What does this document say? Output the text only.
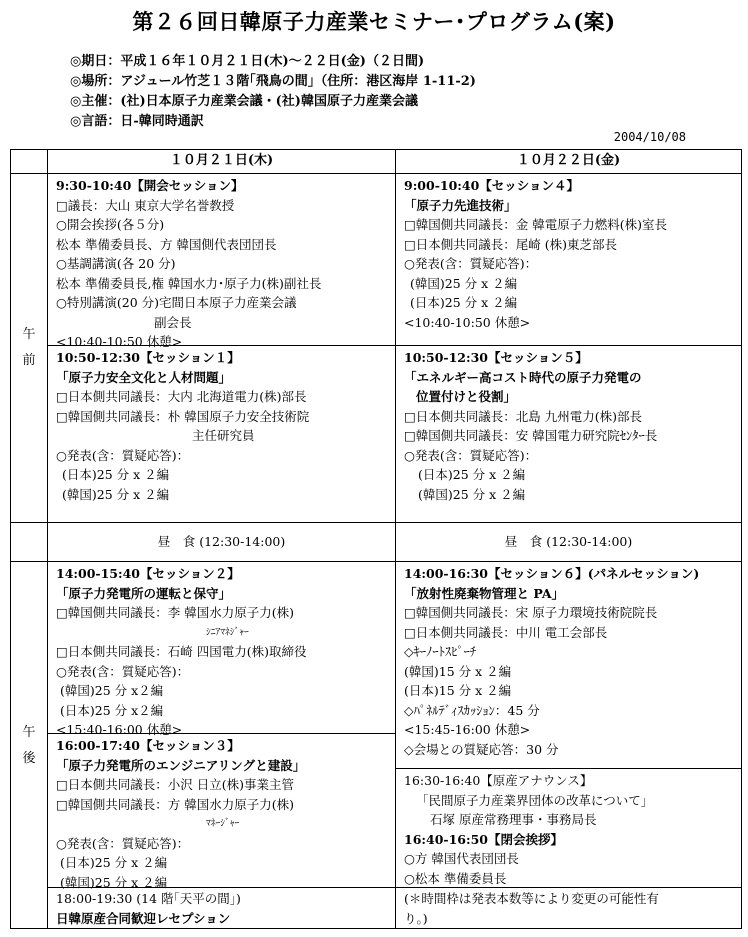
第２６回日韓原子力産業セミナー･プログラム(案)
◎期日：平成１６年１０月２１日(木)～２２日(金)（２日間)
◎場所：アジュール竹芝１３階｢飛鳥の間｣（住所：港区海岸 1-11-2)
◎主催：(社)日本原子力産業会議・(社)韓国原子力産業会議
◎言語：日-韓同時通訳
2004/10/08
１０月２１日(木)	１０月２２日(金)
午
前
9:30-10:40【開会セッション】
□議長：大山 東京大学名誉教授
○開会挨拶(各５分)
松本 準備委員長、方 韓国側代表団団長
○基調講演(各 20 分)
松本 準備委員長,権 韓国水力･原子力(株)副社長
○特別講演(20 分)宅間日本原子力産業会議
副会長
<10:40-10:50 休憩>
10:50-12:30【セッション１】
「原子力安全文化と人材問題」
□日本側共同議長：大内 北海道電力(株)部長
□韓国側共同議長：朴 韓国原子力安全技術院
主任研究員
○発表(含：質疑応答)：
(日本)25 分 x ２編
(韓国)25 分 x ２編
9:00-10:40【セッション４】
「原子力先進技術」
□韓国側共同議長：金 韓電原子力燃料(株)室長
□日本側共同議長：尾崎 (株)東芝部長
○発表(含：質疑応答)：
(韓国)25 分 x ２編
(日本)25 分 x ２編
<10:40-10:50 休憩>
10:50-12:30【セッション５】
「エネルギー高コスト時代の原子力発電の
位置付けと役割」
□日本側共同議長：北島 九州電力(株)部長
□韓国側共同議長：安 韓国電力研究院ｾﾝﾀｰ長
○発表(含：質疑応答)：
(日本)25 分 x ２編
(韓国)25 分 x ２編
昼　食 (12:30-14:00)	昼　食 (12:30-14:00)
午
後
14:00-15:40【セッション２】
「原子力発電所の運転と保守」
□韓国側共同議長：李 韓国水力原子力(株)
ｼﾆｱﾏﾈｼﾞｬｰ
□日本側共同議長：石崎 四国電力(株)取締役
○発表(含：質疑応答)：
(韓国)25 分 x２編
(日本)25 分 x２編
<15:40-16:00 休憩>
16:00-17:40【セッション３】
「原子力発電所のエンジニアリングと建設」
□日本側共同議長：小沢 日立(株)事業主管
□韓国側共同議長：方 韓国水力原子力(株)
ﾏﾈｰｼﾞｬｰ
○発表(含：質疑応答)：
(日本)25 分 x ２編
(韓国)25 分 x ２編
18:00-19:30 (14 階｢天平の間｣)
日韓原産合同歓迎レセプション
14:00-16:30【セッション６】(パネルセッション)
「放射性廃棄物管理と PA」
□韓国側共同議長：宋 原子力環境技術院院長
□日本側共同議長：中川 電工会部長
◇ｷｰﾉｰﾄｽﾋﾟｰﾁ
(韓国)15 分 x ２編
(日本)15 分 x ２編
◇ﾊﾟﾈﾙﾃﾞｨｽｶｯｼｮﾝ：45 分
<15:45-16:00 休憩>
◇会場との質疑応答：30 分
16:30-16:40【原産アナウンス】
「民間原子力産業界団体の改革について」
石塚 原産常務理事・事務局長
16:40-16:50【閉会挨拶】
○方 韓国代表団団長
○松本 準備委員長
(＊時間枠は発表本数等により変更の可能性有
り。)
